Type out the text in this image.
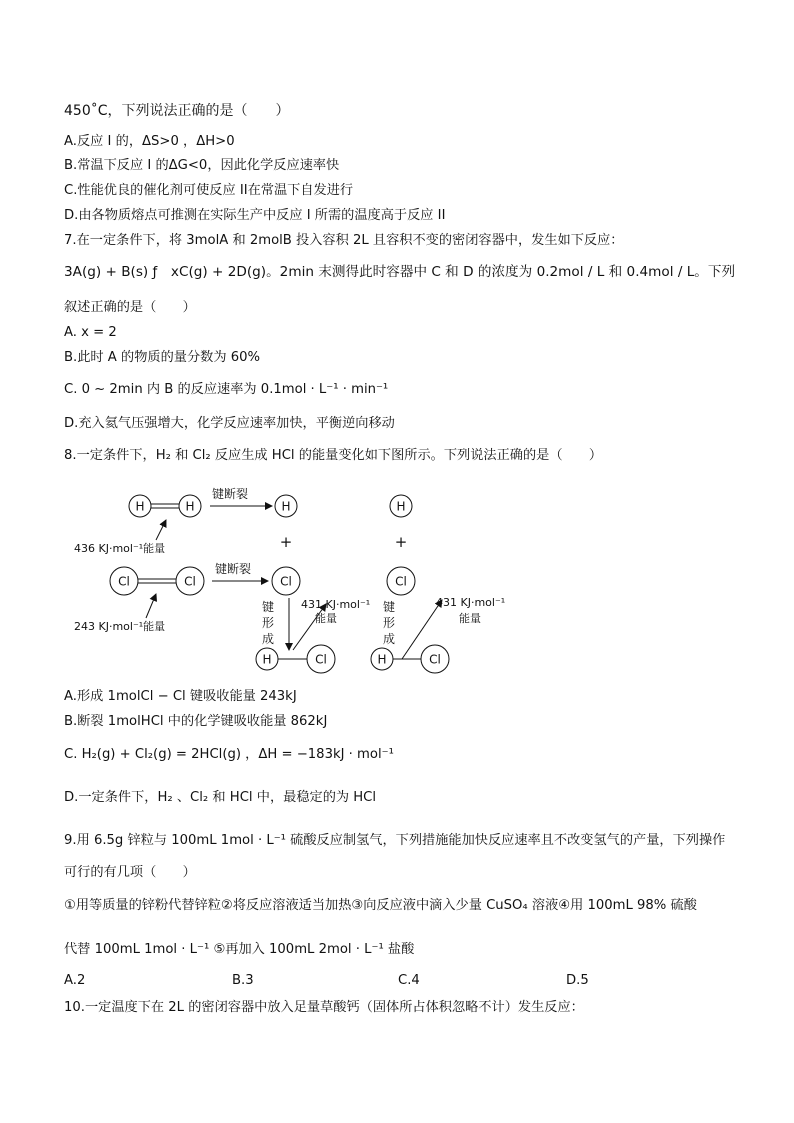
450˚C，下列说法正确的是（　　）
A.反应 I 的，ΔS>0 ，ΔH>0
B.常温下反应 I 的ΔG<0，因此化学反应速率快
C.性能优良的催化剂可使反应 II在常温下自发进行
D.由各物质熔点可推测在实际生产中反应 I 所需的温度高于反应 II
7.在一定条件下，将 3molA 和 2molB 投入容积 2L 且容积不变的密闭容器中，发生如下反应：
3A(g) + B(s) ƒ　xC(g) + 2D(g)。2min 末测得此时容器中 C 和 D 的浓度为 0.2mol / L 和 0.4mol / L。下列
叙述正确的是（　　）
A. x = 2
B.此时 A 的物质的量分数为 60%
C. 0 ~ 2min 内 B 的反应速率为 0.1mol · L⁻¹ · min⁻¹
D.充入氦气压强增大，化学反应速率加快，平衡逆向移动
8.一定条件下，H₂ 和 Cl₂ 反应生成 HCl 的能量变化如下图所示。下列说法正确的是（　　）
H	H
键断裂
H	H
436 KJ·mol⁻¹能量	+	+
Cl	Cl
键断裂
Cl	Cl
243 KJ·mol⁻¹能量
键
形
成
431 KJ·mol⁻¹
能量
H	Cl
键
形
成
431 KJ·mol⁻¹
能量
H	Cl
A.形成 1molCl − Cl 键吸收能量 243kJ
B.断裂 1molHCl 中的化学键吸收能量 862kJ
C. H₂(g) + Cl₂(g) = 2HCl(g) ，ΔH = −183kJ · mol⁻¹
D.一定条件下，H₂ 、Cl₂ 和 HCl 中，最稳定的为 HCl
9.用 6.5g 锌粒与 100mL 1mol · L⁻¹ 硫酸反应制氢气，下列措施能加快反应速率且不改变氢气的产量，下列操作
可行的有几项（　　）
①用等质量的锌粉代替锌粒②将反应溶液适当加热③向反应液中滴入少量 CuSO₄ 溶液④用 100mL 98% 硫酸
代替 100mL 1mol · L⁻¹ ⑤再加入 100mL 2mol · L⁻¹ 盐酸
A.2	B.3	C.4	D.5
10.一定温度下在 2L 的密闭容器中放入足量草酸钙（固体所占体积忽略不计）发生反应：
